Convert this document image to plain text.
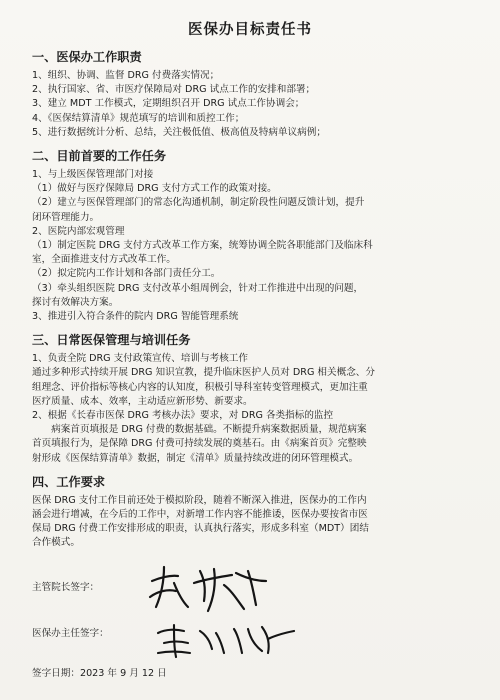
医保办目标责任书
一、医保办工作职责
1、组织、协调、监督 DRG 付费落实情况；
2、执行国家、省、市医疗保障局对 DRG 试点工作的安排和部署；
3、建立 MDT 工作模式，定期组织召开 DRG 试点工作协调会；
4、《医保结算清单》规范填写的培训和质控工作；
5、进行数据统计分析、总结，关注极低值、极高值及特病单议病例；
二、目前首要的工作任务
1、与上级医保管理部门对接
（1）做好与医疗保障局 DRG 支付方式工作的政策对接。
（2）建立与医保管理部门的常态化沟通机制，制定阶段性问题反馈计划，提升
闭环管理能力。
2、医院内部宏观管理
（1）制定医院 DRG 支付方式改革工作方案，统筹协调全院各职能部门及临床科
室，全面推进支付方式改革工作。
（2）拟定院内工作计划和各部门责任分工。
（3）牵头组织医院 DRG 支付改革小组周例会，针对工作推进中出现的问题，
探讨有效解决方案。
3、推进引入符合条件的院内 DRG 智能管理系统
三、日常医保管理与培训任务
1、负责全院 DRG 支付政策宣传、培训与考核工作
通过多种形式持续开展 DRG 知识宣教，提升临床医护人员对 DRG 相关概念、分
组理念、评价指标等核心内容的认知度，积极引导科室转变管理模式，更加注重
医疗质量、成本、效率，主动适应新形势、新要求。
2、根据《长春市医保 DRG 考核办法》要求，对 DRG 各类指标的监控
　　病案首页填报是 DRG 付费的数据基础。不断提升病案数据质量，规范病案
首页填报行为，是保障 DRG 付费可持续发展的奠基石。由《病案首页》完整映
射形成《医保结算清单》数据，制定《清单》质量持续改进的闭环管理模式。
四、工作要求
医保 DRG 支付工作目前还处于模拟阶段，随着不断深入推进，医保办的工作内
涵会进行增减，在今后的工作中，对新增工作内容不能推诿，医保办要按省市医
保局 DRG 付费工作安排形成的职责，认真执行落实，形成多科室（MDT）团结
合作模式。
主管院长签字：
医保办主任签字：
签字日期：2023 年 9 月 12 日
